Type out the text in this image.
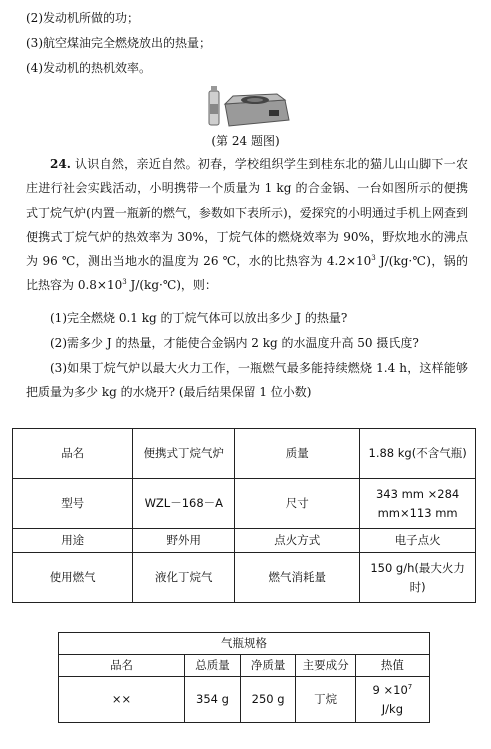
(2)发动机所做的功；
(3)航空煤油完全燃烧放出的热量；
(4)发动机的热机效率。
(第 24 题图)
24. 认识自然，亲近自然。初春，学校组织学生到桂东北的猫儿山山脚下一农庄进行社会实践活动，小明携带一个质量为 1 kg 的合金锅、一台如图所示的便携式丁烷气炉(内置一瓶新的燃气，参数如下表所示)，爱探究的小明通过手机上网查到便携式丁烷气炉的热效率为 30%，丁烷气体的燃烧效率为 90%，野炊地水的沸点为 96 ℃，测出当地水的温度为 26 ℃，水的比热容为 $4.2\times 10^3$ J/(kg·℃)，锅的比热容为 $0.8\times 10^3$ J/(kg·℃)，则：
(1)完全燃烧 0.1 kg 的丁烷气体可以放出多少 J 的热量?
(2)需多少 J 的热量，才能使合金锅内 2 kg 的水温度升高 50 摄氏度?
(3)如果丁烷气炉以最大火力工作，一瓶燃气最多能持续燃烧 1.4 h，这样能够把质量为多少 kg 的水烧开? (最后结果保留 1 位小数)
品名	便携式丁烷气炉	质量	1.88 kg(不含气瓶)
型号	WZL－168－A	尺寸	343 mm ×284 mm×113 mm
用途	野外用	点火方式	电子点火
使用燃气	液化丁烷气	燃气消耗量	150 g/h(最大火力时)
气瓶规格				
品名	总质量	净质量	主要成分	热值
××	354 g	250 g	丁烷	$9 \times 10^7$
J/kg
